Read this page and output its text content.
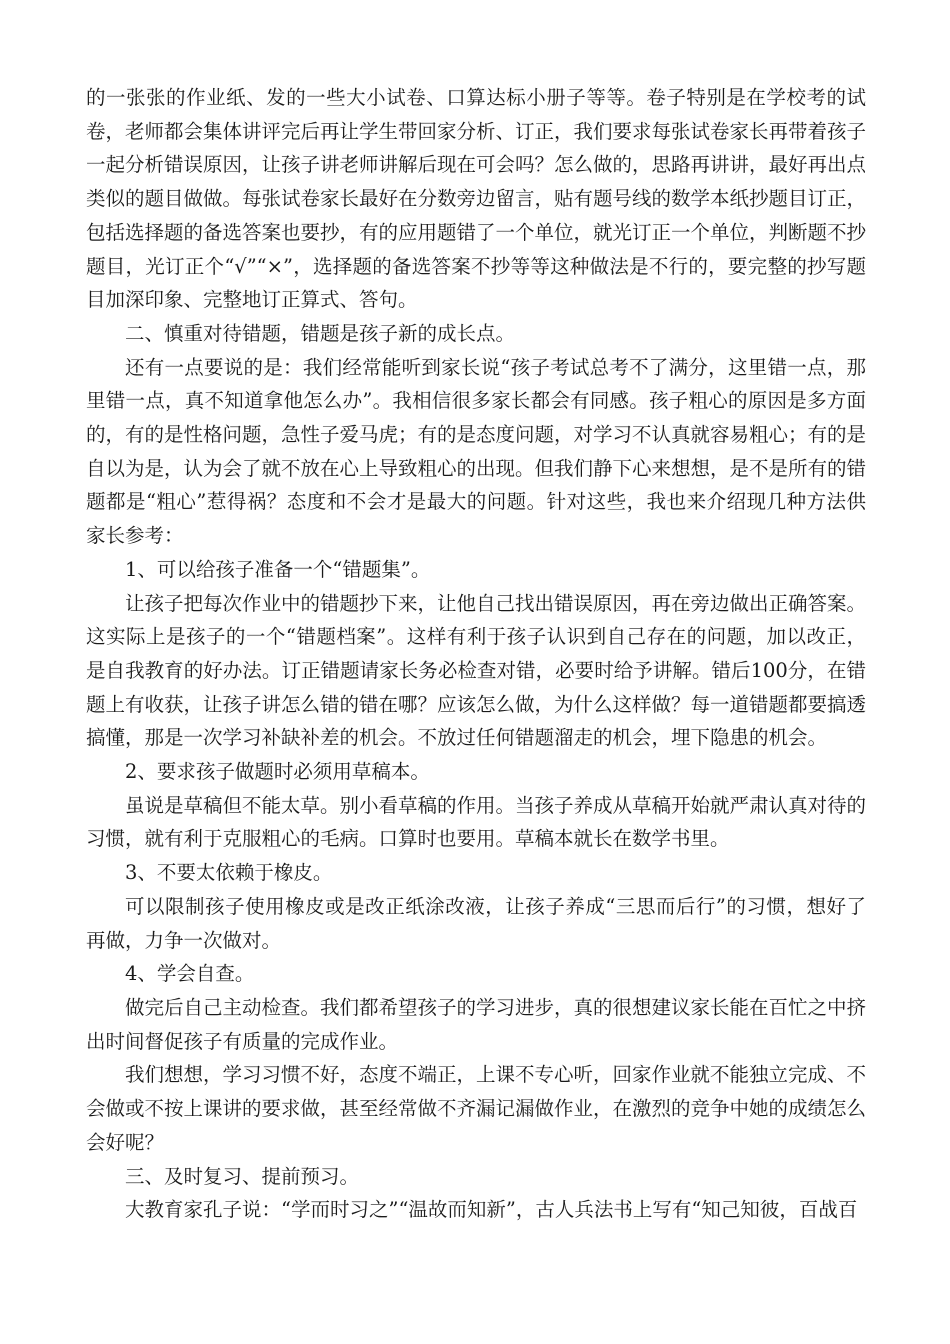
的一张张的作业纸、发的一些大小试卷、口算达标小册子等等。卷子特别是在学校考的试卷，老师都会集体讲评完后再让学生带回家分析、订正，我们要求每张试卷家长再带着孩子一起分析错误原因，让孩子讲老师讲解后现在可会吗？怎么做的，思路再讲讲，最好再出点类似的题目做做。每张试卷家长最好在分数旁边留言，贴有题号线的数学本纸抄题目订正，包括选择题的备选答案也要抄，有的应用题错了一个单位，就光订正一个单位，判断题不抄题目，光订正个“√”“×”，选择题的备选答案不抄等等这种做法是不行的，要完整的抄写题目加深印象、完整地订正算式、答句。

二、慎重对待错题，错题是孩子新的成长点。

还有一点要说的是：我们经常能听到家长说“孩子考试总考不了满分，这里错一点，那里错一点，真不知道拿他怎么办”。我相信很多家长都会有同感。孩子粗心的原因是多方面的，有的是性格问题，急性子爱马虎；有的是态度问题，对学习不认真就容易粗心；有的是自以为是，认为会了就不放在心上导致粗心的出现。但我们静下心来想想，是不是所有的错题都是“粗心”惹得祸？态度和不会才是最大的问题。针对这些，我也来介绍现几种方法供家长参考：

1、可以给孩子准备一个“错题集”。

让孩子把每次作业中的错题抄下来，让他自己找出错误原因，再在旁边做出正确答案。这实际上是孩子的一个“错题档案”。这样有利于孩子认识到自己存在的问题，加以改正，是自我教育的好办法。订正错题请家长务必检查对错，必要时给予讲解。错后100分，在错题上有收获，让孩子讲怎么错的错在哪？应该怎么做，为什么这样做？每一道错题都要搞透搞懂，那是一次学习补缺补差的机会。不放过任何错题溜走的机会，埋下隐患的机会。

2、要求孩子做题时必须用草稿本。

虽说是草稿但不能太草。别小看草稿的作用。当孩子养成从草稿开始就严肃认真对待的习惯，就有利于克服粗心的毛病。口算时也要用。草稿本就长在数学书里。

3、不要太依赖于橡皮。

可以限制孩子使用橡皮或是改正纸涂改液，让孩子养成“三思而后行”的习惯，想好了再做，力争一次做对。

4、学会自查。

做完后自己主动检查。我们都希望孩子的学习进步，真的很想建议家长能在百忙之中挤出时间督促孩子有质量的完成作业。

我们想想，学习习惯不好，态度不端正，上课不专心听，回家作业就不能独立完成、不会做或不按上课讲的要求做，甚至经常做不齐漏记漏做作业，在激烈的竞争中她的成绩怎么会好呢？

三、及时复习、提前预习。

大教育家孔子说：“学而时习之”“温故而知新”，古人兵法书上写有“知己知彼，百战百
